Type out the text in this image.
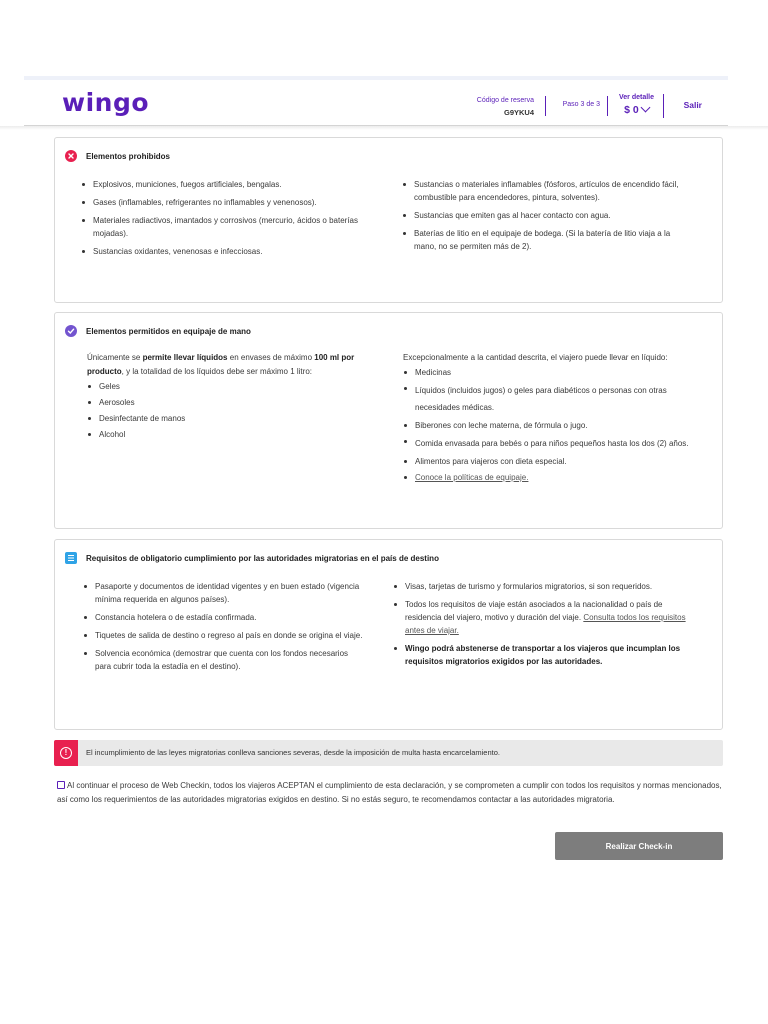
wingo	Código de reserva
G9YKU4
Paso 3 de 3
Ver detalle
$ 0	Salir
Elementos prohibidos
Explosivos, municiones, fuegos artificiales, bengalas.
Gases (inflamables, refrigerantes no inflamables y venenosos).
Materiales radiactivos, imantados y corrosivos (mercurio, ácidos o baterías mojadas).
Sustancias oxidantes, venenosas e infecciosas.
Sustancias o materiales inflamables (fósforos, artículos de encendido fácil, combustible para encendedores, pintura, solventes).
Sustancias que emiten gas al hacer contacto con agua.
Baterías de litio en el equipaje de bodega. (Si la batería de litio viaja a la mano, no se permiten más de 2).
Elementos permitidos en equipaje de mano

Únicamente se permite llevar líquidos en envases de máximo 100 ml por producto, y la totalidad de los líquidos debe ser máximo 1 litro:

Geles
Aerosoles
Desinfectante de manos
Alcohol

Excepcionalmente a la cantidad descrita, el viajero puede llevar en líquido:

Medicinas
Líquidos (incluidos jugos) o geles para diabéticos o personas con otras necesidades médicas.
Biberones con leche materna, de fórmula o jugo.
Comida envasada para bebés o para niños pequeños hasta los dos (2) años.
Alimentos para viajeros con dieta especial.
Conoce la políticas de equipaje.
Requisitos de obligatorio cumplimiento por las autoridades migratorias en el país de destino
Pasaporte y documentos de identidad vigentes y en buen estado (vigencia mínima requerida en algunos países).
Constancia hotelera o de estadía confirmada.
Tiquetes de salida de destino o regreso al país en donde se origina el viaje.
Solvencia económica (demostrar que cuenta con los fondos necesarios para cubrir toda la estadía en el destino).
Visas, tarjetas de turismo y formularios migratorios, si son requeridos.
Todos los requisitos de viaje están asociados a la nacionalidad o país de residencia del viajero, motivo y duración del viaje. Consulta todos los requisitos antes de viajar.
Wingo podrá abstenerse de transportar a los viajeros que incumplan los requisitos migratorios exigidos por las autoridades.
!	El incumplimiento de las leyes migratorias conlleva sanciones severas, desde la imposición de multa hasta encarcelamiento.
Al continuar el proceso de Web Checkin, todos los viajeros ACEPTAN el cumplimiento de esta declaración, y se comprometen a cumplir con todos los requisitos y normas mencionados, así como los requerimientos de las autoridades migratorias exigidos en destino. Si no estás seguro, te recomendamos contactar a las autoridades migratoria.
Realizar Check-in
